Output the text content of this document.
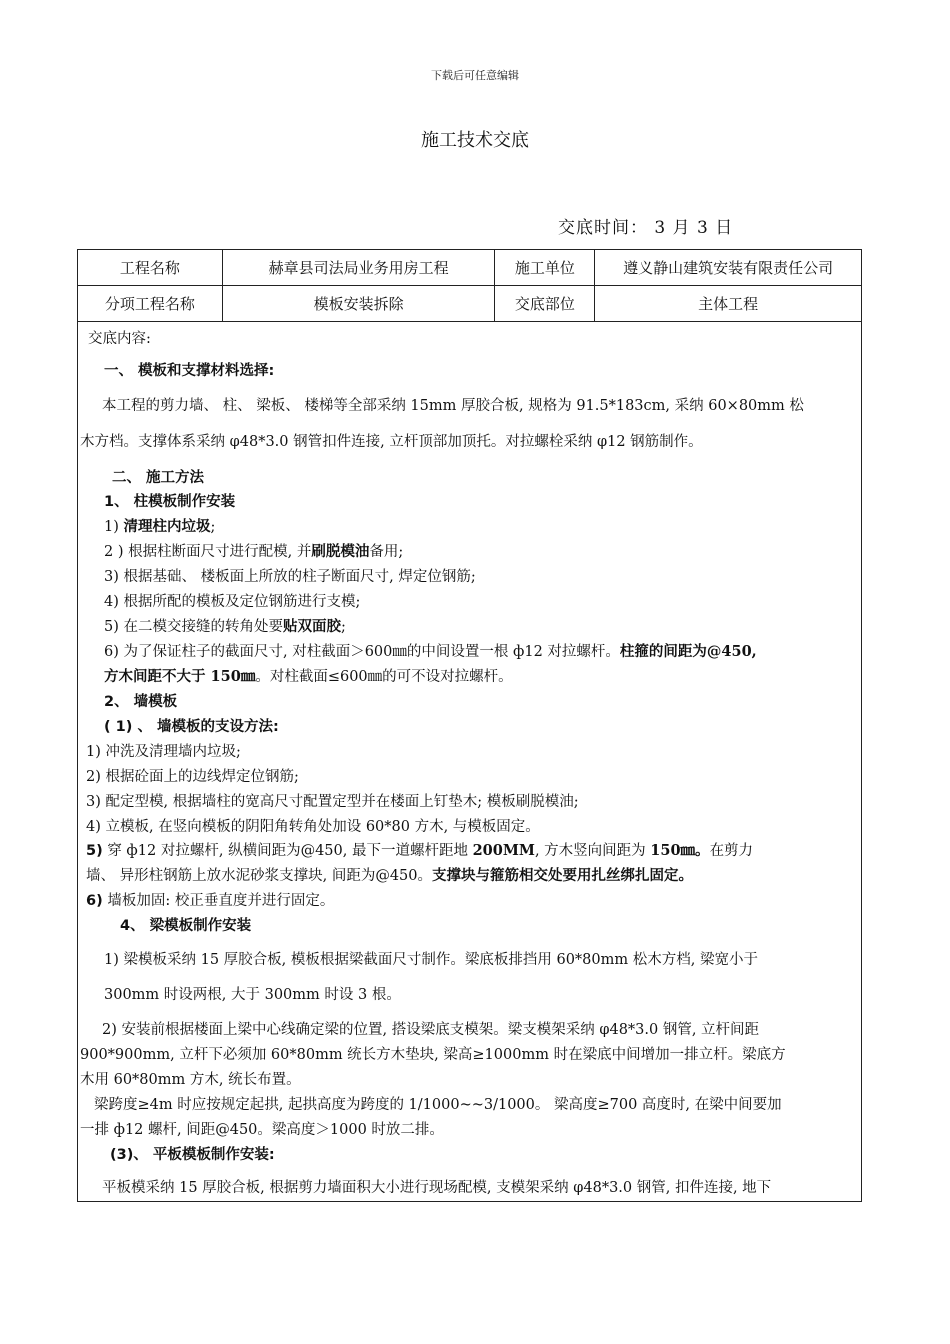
下载后可任意编辑
施工技术交底
交底时间： 3 月 3 日
工程名称	赫章县司法局业务用房工程	施工单位	遵义静山建筑安装有限责任公司
分项工程名称	模板安装拆除	交底部位	主体工程
交底内容:
一、 模板和支撑材料选择:
本工程的剪力墙、 柱、 梁板、 楼梯等全部采纳 15mm 厚胶合板, 规格为 91.5*183cm, 采纳 60×80mm 松
木方档。支撑体系采纳 φ48*3.0 钢管扣件连接, 立杆顶部加顶托。对拉螺栓采纳 φ12 钢筋制作。
二、 施工方法
1、 柱模板制作安装
1) 清理柱内垃圾;
2 ) 根据柱断面尺寸进行配模, 并刷脱模油备用;
3) 根据基础、 楼板面上所放的柱子断面尺寸, 焊定位钢筋;
4) 根据所配的模板及定位钢筋进行支模;
5) 在二模交接缝的转角处要贴双面胶;
6) 为了保证柱子的截面尺寸, 对柱截面＞600㎜的中间设置一根 ф12 对拉螺杆。柱箍的间距为@450,
方木间距不大于 150㎜。对柱截面≤600㎜的可不设对拉螺杆。
2、 墙模板
( 1) 、 墙模板的支设方法:
1) 冲洗及清理墙内垃圾;
2) 根据砼面上的边线焊定位钢筋;
3) 配定型模, 根据墙柱的宽高尺寸配置定型并在楼面上钉垫木; 模板刷脱模油;
4) 立模板, 在竖向模板的阴阳角转角处加设 60*80 方木, 与模板固定。
5) 穿 ф12 对拉螺杆, 纵横间距为@450, 最下一道螺杆距地 200MM, 方木竖向间距为 150㎜。在剪力
墙、 异形柱钢筋上放水泥砂浆支撑块, 间距为@450。支撑块与箍筋相交处要用扎丝绑扎固定。
6) 墙板加固: 校正垂直度并进行固定。
4、 梁模板制作安装
1) 梁模板采纳 15 厚胶合板, 模板根据梁截面尺寸制作。梁底板排挡用 60*80mm 松木方档, 梁宽小于
300mm 时设两根, 大于 300mm 时设 3 根。
2) 安装前根据楼面上梁中心线确定梁的位置, 搭设梁底支模架。梁支模架采纳 φ48*3.0 钢管, 立杆间距
900*900mm, 立杆下必须加 60*80mm 统长方木垫块, 梁高≥1000mm 时在梁底中间增加一排立杆。梁底方
木用 60*80mm 方木, 统长布置。
梁跨度≥4m 时应按规定起拱, 起拱高度为跨度的 1/1000~~3/1000。 梁高度≥700 高度时, 在梁中间要加
一排 ф12 螺杆, 间距@450。梁高度＞1000 时放二排。
(3)、 平板模板制作安装:
平板模采纳 15 厚胶合板, 根据剪力墙面积大小进行现场配模, 支模架采纳 φ48*3.0 钢管, 扣件连接, 地下
